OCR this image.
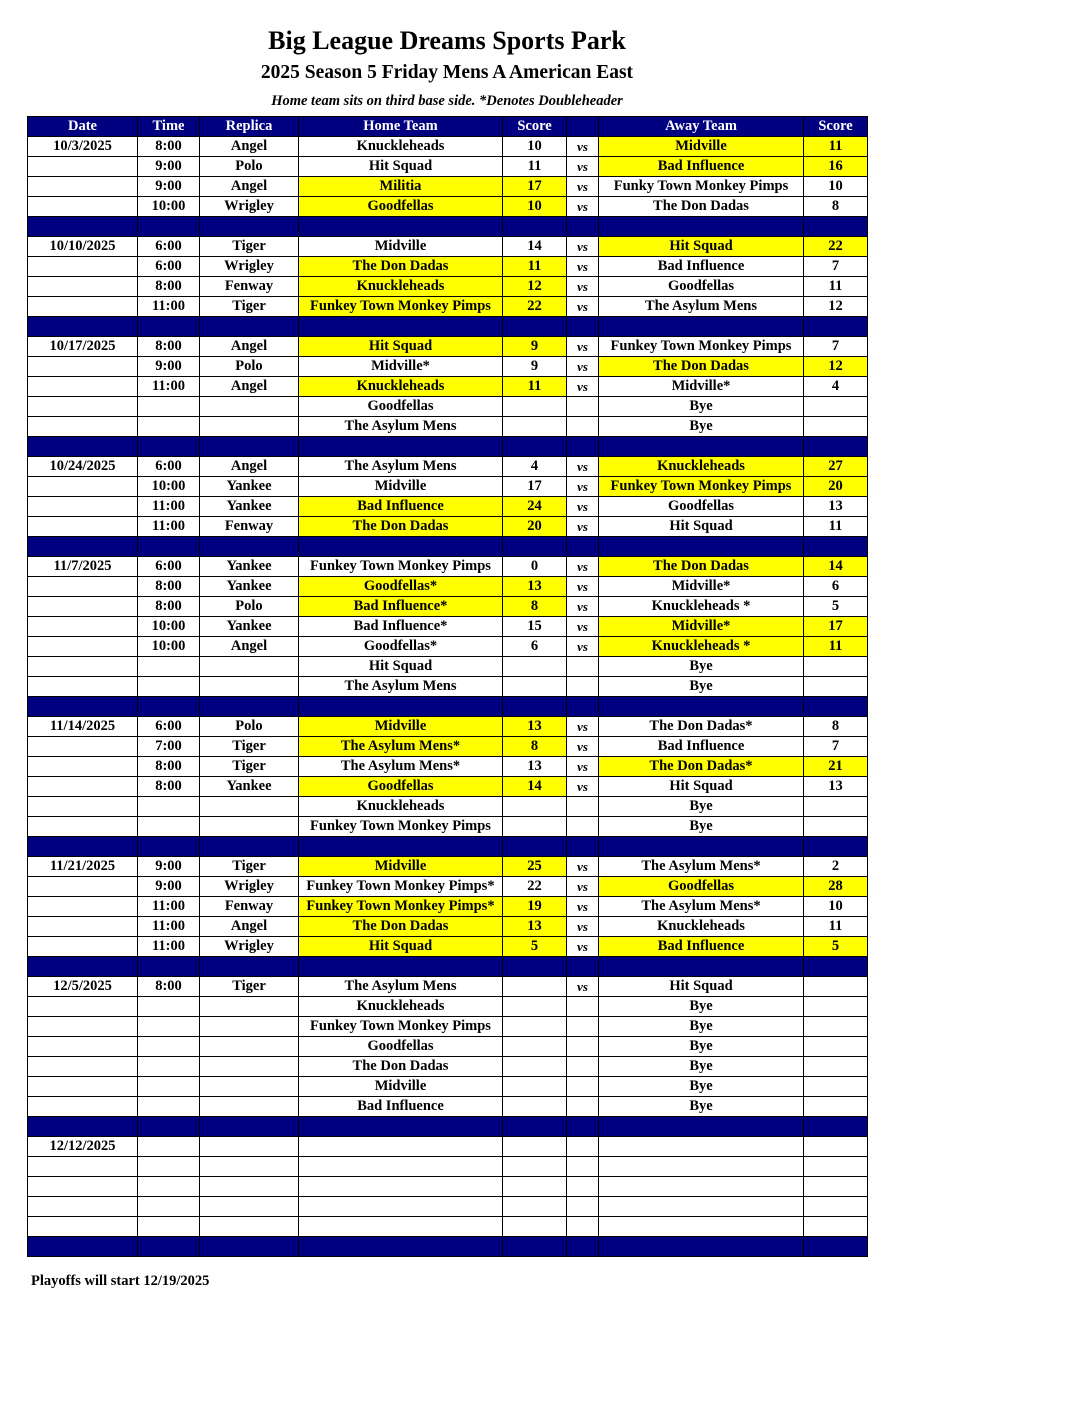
Big League Dreams Sports Park
2025 Season 5 Friday Mens A American East
Home team sits on third base side. *Denotes Doubleheader
Date	Time	Replica	Home Team	Score		Away Team	Score
10/3/2025	8:00	Angel	Knuckleheads	10	vs	Midville	11
	9:00	Polo	Hit Squad	11	vs	Bad Influence	16
	9:00	Angel	Militia	17	vs	Funky Town Monkey Pimps	10
	10:00	Wrigley	Goodfellas	10	vs	The Don Dadas	8

10/10/2025	6:00	Tiger	Midville	14	vs	Hit Squad	22
	6:00	Wrigley	The Don Dadas	11	vs	Bad Influence	7
	8:00	Fenway	Knuckleheads	12	vs	Goodfellas	11
	11:00	Tiger	Funkey Town Monkey Pimps	22	vs	The Asylum Mens	12

10/17/2025	8:00	Angel	Hit Squad	9	vs	Funkey Town Monkey Pimps	7
	9:00	Polo	Midville*	9	vs	The Don Dadas	12
	11:00	Angel	Knuckleheads	11	vs	Midville*	4
			Goodfellas			Bye	
			The Asylum Mens			Bye	

10/24/2025	6:00	Angel	The Asylum Mens	4	vs	Knuckleheads	27
	10:00	Yankee	Midville	17	vs	Funkey Town Monkey Pimps	20
	11:00	Yankee	Bad Influence	24	vs	Goodfellas	13
	11:00	Fenway	The Don Dadas	20	vs	Hit Squad	11

11/7/2025	6:00	Yankee	Funkey Town Monkey Pimps	0	vs	The Don Dadas	14
	8:00	Yankee	Goodfellas*	13	vs	Midville*	6
	8:00	Polo	Bad Influence*	8	vs	Knuckleheads *	5
	10:00	Yankee	Bad Influence*	15	vs	Midville*	17
	10:00	Angel	Goodfellas*	6	vs	Knuckleheads *	11
			Hit Squad			Bye	
			The Asylum Mens			Bye	

11/14/2025	6:00	Polo	Midville	13	vs	The Don Dadas*	8
	7:00	Tiger	The Asylum Mens*	8	vs	Bad Influence	7
	8:00	Tiger	The Asylum Mens*	13	vs	The Don Dadas*	21
	8:00	Yankee	Goodfellas	14	vs	Hit Squad	13
			Knuckleheads			Bye	
			Funkey Town Monkey Pimps			Bye	

11/21/2025	9:00	Tiger	Midville	25	vs	The Asylum Mens*	2
	9:00	Wrigley	Funkey Town Monkey Pimps*	22	vs	Goodfellas	28
	11:00	Fenway	Funkey Town Monkey Pimps*	19	vs	The Asylum Mens*	10
	11:00	Angel	The Don Dadas	13	vs	Knuckleheads	11
	11:00	Wrigley	Hit Squad	5	vs	Bad Influence	5

12/5/2025	8:00	Tiger	The Asylum Mens		vs	Hit Squad	
			Knuckleheads			Bye	
			Funkey Town Monkey Pimps			Bye	
			Goodfellas			Bye	
			The Don Dadas			Bye	
			Midville			Bye	
			Bad Influence			Bye	

12/12/2025							

Playoffs will start 12/19/2025
